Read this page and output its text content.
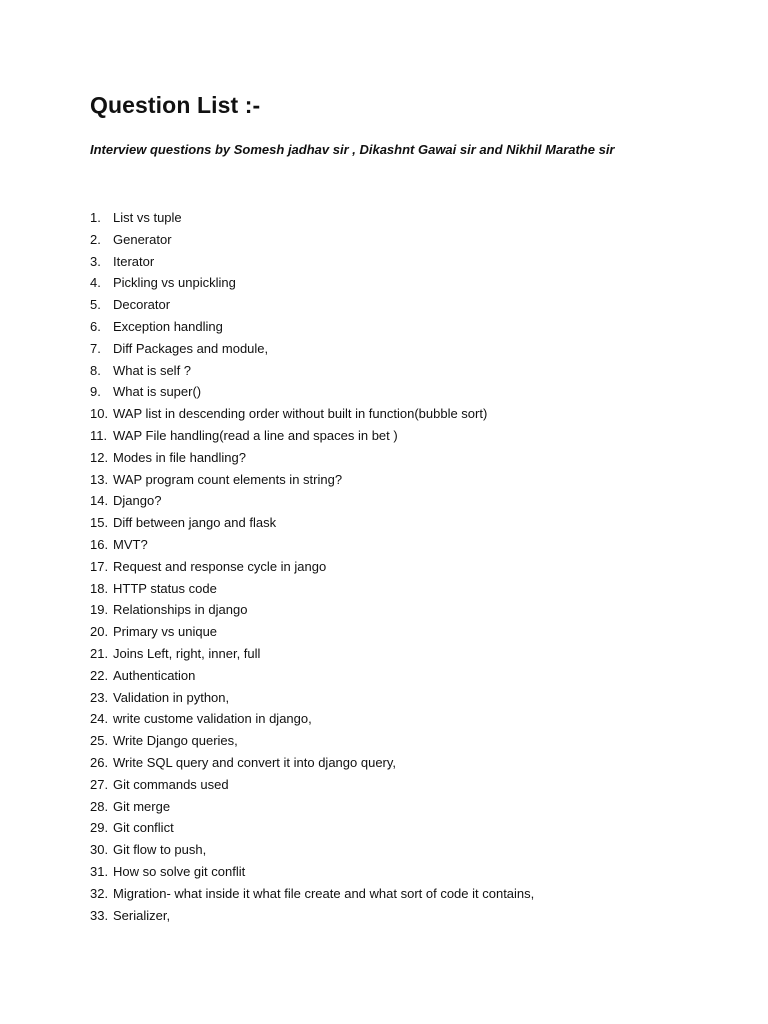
Question List :-

Interview questions by Somesh jadhav sir , Dikashnt Gawai sir and Nikhil Marathe sir

1. List vs tuple
2. Generator
3. Iterator
4. Pickling vs unpickling
5. Decorator
6. Exception handling
7. Diff Packages and module,
8. What is self ?
9. What is super()
10. WAP list in descending order without built in function(bubble sort)
11. WAP File handling(read a line and spaces in bet )
12. Modes in file handling?
13. WAP program count elements in string?
14. Django?
15. Diff between jango and flask
16. MVT?
17. Request and response cycle in jango
18. HTTP status code
19. Relationships in django
20. Primary vs unique
21. Joins Left, right, inner, full
22. Authentication
23. Validation in python,
24. write custome validation in django,
25. Write Django queries,
26. Write SQL query and convert it into django query,
27. Git commands used
28. Git merge
29. Git conflict
30. Git flow to push,
31. How so solve git conflit
32. Migration- what inside it what file create and what sort of code it contains,
33. Serializer,
